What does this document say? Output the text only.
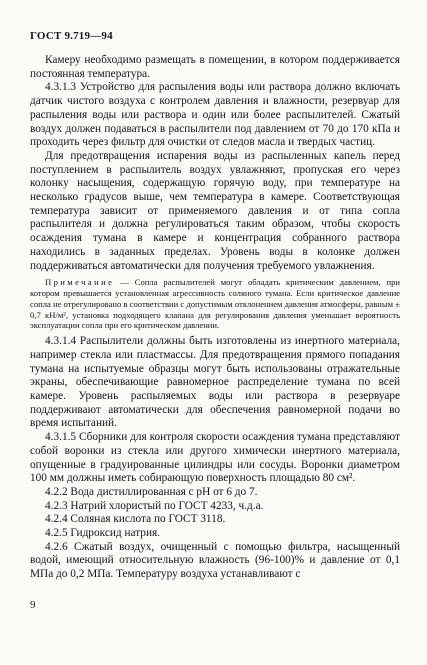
ГОСТ 9.719—94

Камеру необходимо размещать в помещении, в котором поддерживается постоянная температура.

4.3.1.3 Устройство для распыления воды или раствора должно включать датчик чистого воздуха с контролем давления и влажности, резервуар для распыления воды или раствора и один или более распылителей. Сжатый воздух должен подаваться в распылители под давлением от 70 до 170 кПа и проходить через фильтр для очистки от следов масла и твердых частиц.

Для предотвращения испарения воды из распыленных капель перед поступлением в распылитель воздух увлажняют, пропуская его через колонку насыщения, содержащую горячую воду, при температуре на несколько градусов выше, чем температура в камере. Соответствующая температура зависит от применяемого давления и от типа сопла распылителя и должна регулироваться таким образом, чтобы скорость осаждения тумана в камере и концентрация собранного раствора находились в заданных пределах. Уровень воды в колонке должен поддерживаться автоматически для получения требуемого увлажнения.

Примечание — Сопла распылителей могут обладать критическим давлением, при котором превышается установленная агрессивность соляного тумана. Если критическое давление сопла не отрегулировано в соответствии с допустимым отклонением давления атмосферы, равным ± 0,7 кН/м², установка подходящего клапана для регулирования давления уменьшает вероятность эксплуатации сопла при его критическом давлении.

4.3.1.4 Распылители должны быть изготовлены из инертного материала, например стекла или пластмассы. Для предотвращения прямого попадания тумана на испытуемые образцы могут быть использованы отражательные экраны, обеспечивающие равномерное распределение тумана по всей камере. Уровень распыляемых воды или раствора в резервуаре поддерживают автоматически для обеспечения равномерной подачи во время испытаний.

4.3.1.5 Сборники для контроля скорости осаждения тумана представляют собой воронки из стекла или другого химически инертного материала, опущенные в градуированные цилиндры или сосуды. Воронки диаметром 100 мм должны иметь собирающую поверхность площадью 80 см².

4.2.2 Вода дистиллированная с pH от 6 до 7.

4.2.3 Натрий хлористый по ГОСТ 4233, ч.д.а.

4.2.4 Соляная кислота по ГОСТ 3118.

4.2.5 Гидроксид натрия.

4.2.6 Сжатый воздух, очищенный с помощью фильтра, насыщенный водой, имеющий относительную влажность (96-100)% и давление от 0,1 МПа до 0,2 МПа. Температуру воздуха устанавливают с

9
